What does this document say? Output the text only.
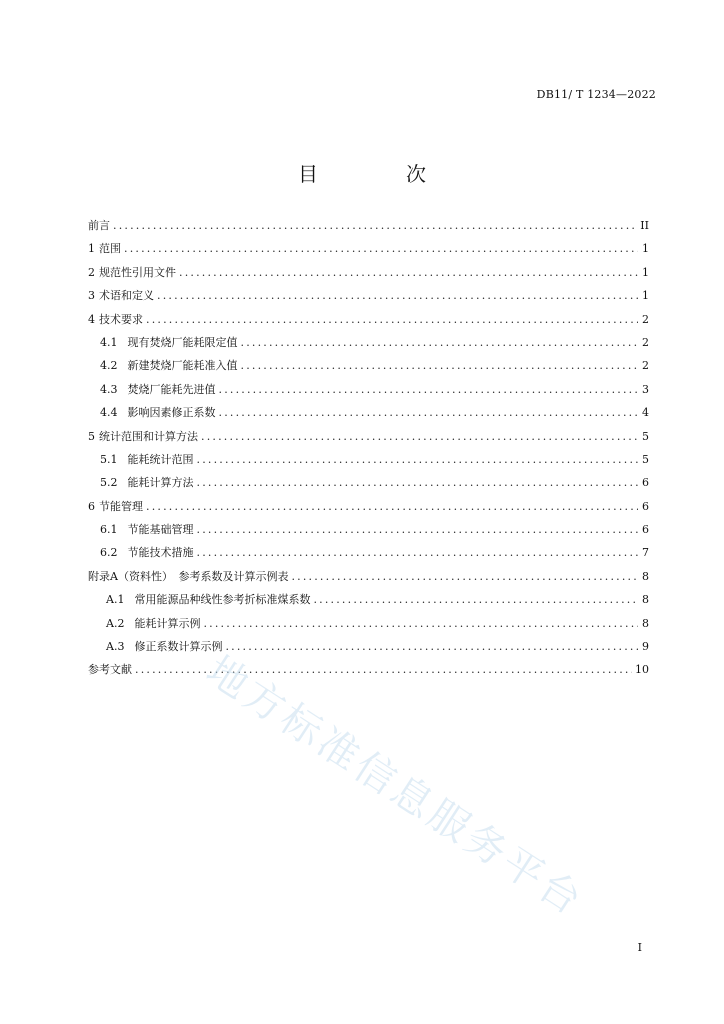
DB11/ T 1234—2022
目　次
前言 .....	II
1 范围 .....	1
2 规范性引用文件 .....	1
3 术语和定义 .....	1
4 技术要求 .....	2
4.1 现有焚烧厂能耗限定值 .....	2
4.2 新建焚烧厂能耗准入值 .....	2
4.3 焚烧厂能耗先进值 .....	3
4.4 影响因素修正系数 .....	4
5 统计范围和计算方法 .....	5
5.1 能耗统计范围 .....	5
5.2 能耗计算方法 .....	6
6 节能管理 .....	6
6.1 节能基础管理 .....	6
6.2 节能技术措施 .....	7
附录A（资料性）　参考系数及计算示例表 .....	8
A.1 常用能源品种线性参考折标准煤系数 .....	8
A.2 能耗计算示例 .....	8
A.3 修正系数计算示例 .....	9
参考文献 .....	10
地方标准信息服务平台
I
